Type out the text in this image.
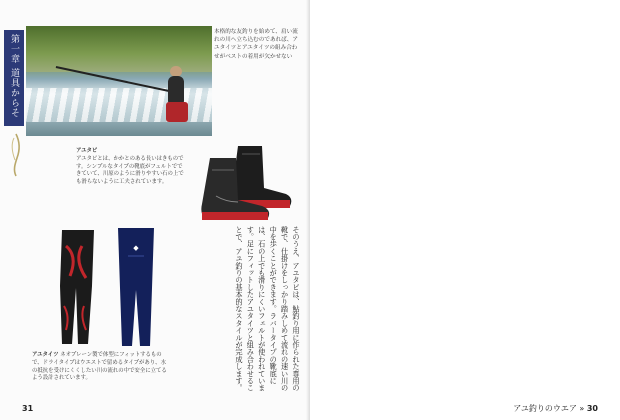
第一章 道具からそ
本格的な友釣りを始めて、肩い流れの川へ立ち込むのであれば、アユタイツとアユタイツの組み合わせがベストの着用が欠かせない
アユタビ
アユタビとは、かかとのある長いはきものです。シンプルなタイプの靴底がフェルトでできていて、川原のように滑りやすい石の上でも滑らないように工夫されています。
◆
アユタイツ ネオプレーン製で体型にフィットするもので、ドライタイプはウエストで留めるタイプがあり、水の抵抗を受けにくくしたい川の流れの中で安全に立てるよう設計されています。	そのうえ、アユタビは、鮎釣り用に作られた専用の靴で、仕掛けをしっかり踏みしめて流れの速い川の中を歩くことができます。ラバータイプの靴底には、石の上でも滑りにくいフェルトが使われています。足にフィットしたアユタイツと組み合わせることで、アユ釣りの基本的なスタイルが完成します。
31	アユ釣りのウエア » 30
